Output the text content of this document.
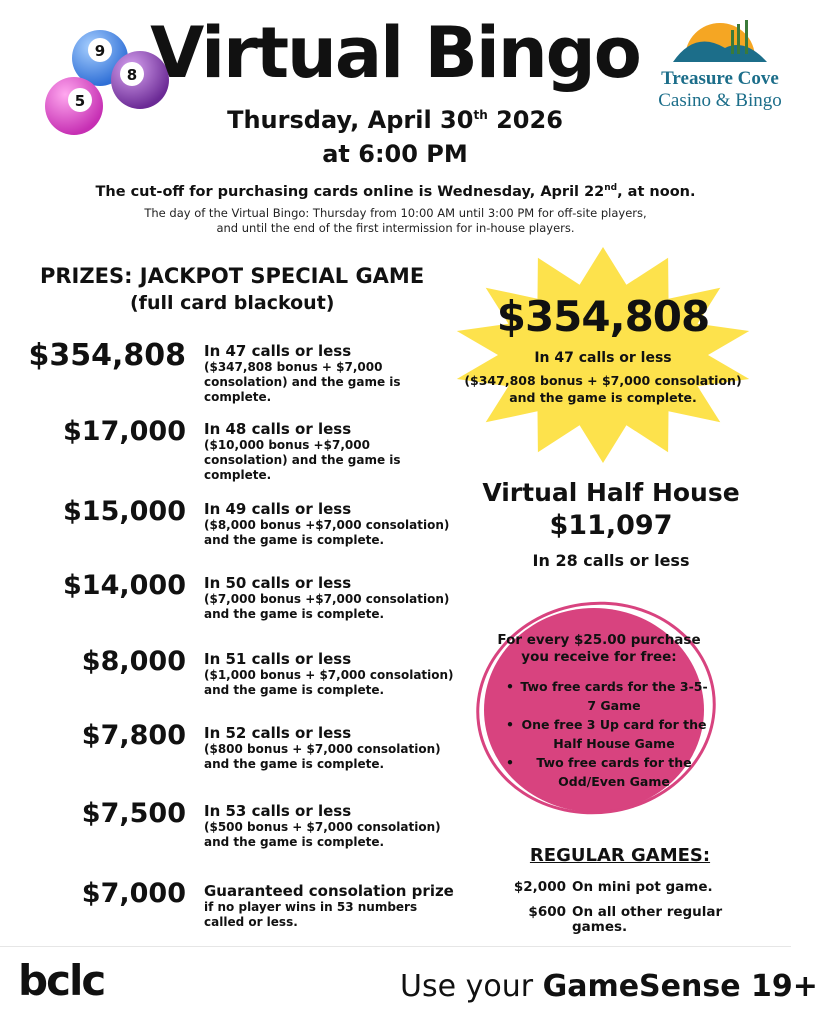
9
8
5
Virtual Bingo
Thursday, April 30th 2026
at 6:00 PM
Treasure Cove
Casino & Bingo
The cut-off for purchasing cards online is Wednesday, April 22nd, at noon.
The day of the Virtual Bingo: Thursday from 10:00 AM until 3:00 PM for off-site players,
and until the end of the first intermission for in-house players.
PRIZES: JACKPOT SPECIAL GAME
(full card blackout)
$354,808 In 47 calls or less
($347,808 bonus + $7,000 consolation) and the game is complete.
$17,000 In 48 calls or less
($10,000 bonus +$7,000 consolation) and the game is complete.
$15,000 In 49 calls or less
($8,000 bonus +$7,000 consolation) and the game is complete.
$14,000 In 50 calls or less
($7,000 bonus +$7,000 consolation) and the game is complete.
$8,000 In 51 calls or less
($1,000 bonus + $7,000 consolation) and the game is complete.
$7,800 In 52 calls or less
($800 bonus + $7,000 consolation) and the game is complete.
$7,500 In 53 calls or less
($500 bonus + $7,000 consolation) and the game is complete.
$7,000 Guaranteed consolation prize
if no player wins in 53 numbers called or less.
$354,808
In 47 calls or less
($347,808 bonus + $7,000 consolation)
and the game is complete.
Virtual Half House
$11,097
In 28 calls or less
For every $25.00 purchase
you receive for free:
• Two free cards for the 3-5-7 Game
• One free 3 Up card for the Half House Game
• Two free cards for the Odd/Even Game
REGULAR GAMES:
$2,000 On mini pot game.
$600 On all other regular games.
bclc	Use your GameSense 19+
